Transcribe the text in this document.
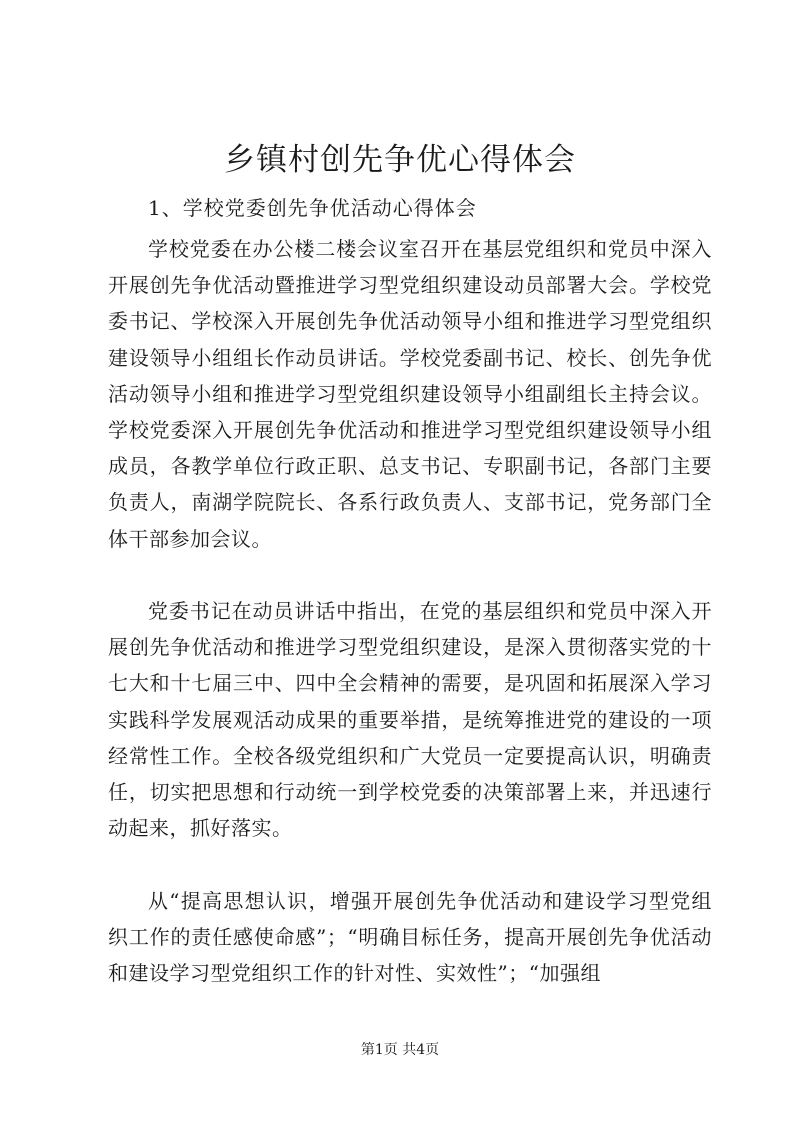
乡镇村创先争优心得体会

1、学校党委创先争优活动心得体会

学校党委在办公楼二楼会议室召开在基层党组织和党员中深入开展创先争优活动暨推进学习型党组织建设动员部署大会。学校党委书记、学校深入开展创先争优活动领导小组和推进学习型党组织建设领导小组组长作动员讲话。学校党委副书记、校长、创先争优活动领导小组和推进学习型党组织建设领导小组副组长主持会议。学校党委深入开展创先争优活动和推进学习型党组织建设领导小组成员，各教学单位行政正职、总支书记、专职副书记，各部门主要负责人，南湖学院院长、各系行政负责人、支部书记，党务部门全体干部参加会议。

党委书记在动员讲话中指出，在党的基层组织和党员中深入开展创先争优活动和推进学习型党组织建设，是深入贯彻落实党的十七大和十七届三中、四中全会精神的需要，是巩固和拓展深入学习实践科学发展观活动成果的重要举措，是统筹推进党的建设的一项经常性工作。全校各级党组织和广大党员一定要提高认识，明确责任，切实把思想和行动统一到学校党委的决策部署上来，并迅速行动起来，抓好落实。

从“提高思想认识，增强开展创先争优活动和建设学习型党组织工作的责任感使命感”；“明确目标任务，提高开展创先争优活动和建设学习型党组织工作的针对性、实效性”；“加强组

第1页 共4页
